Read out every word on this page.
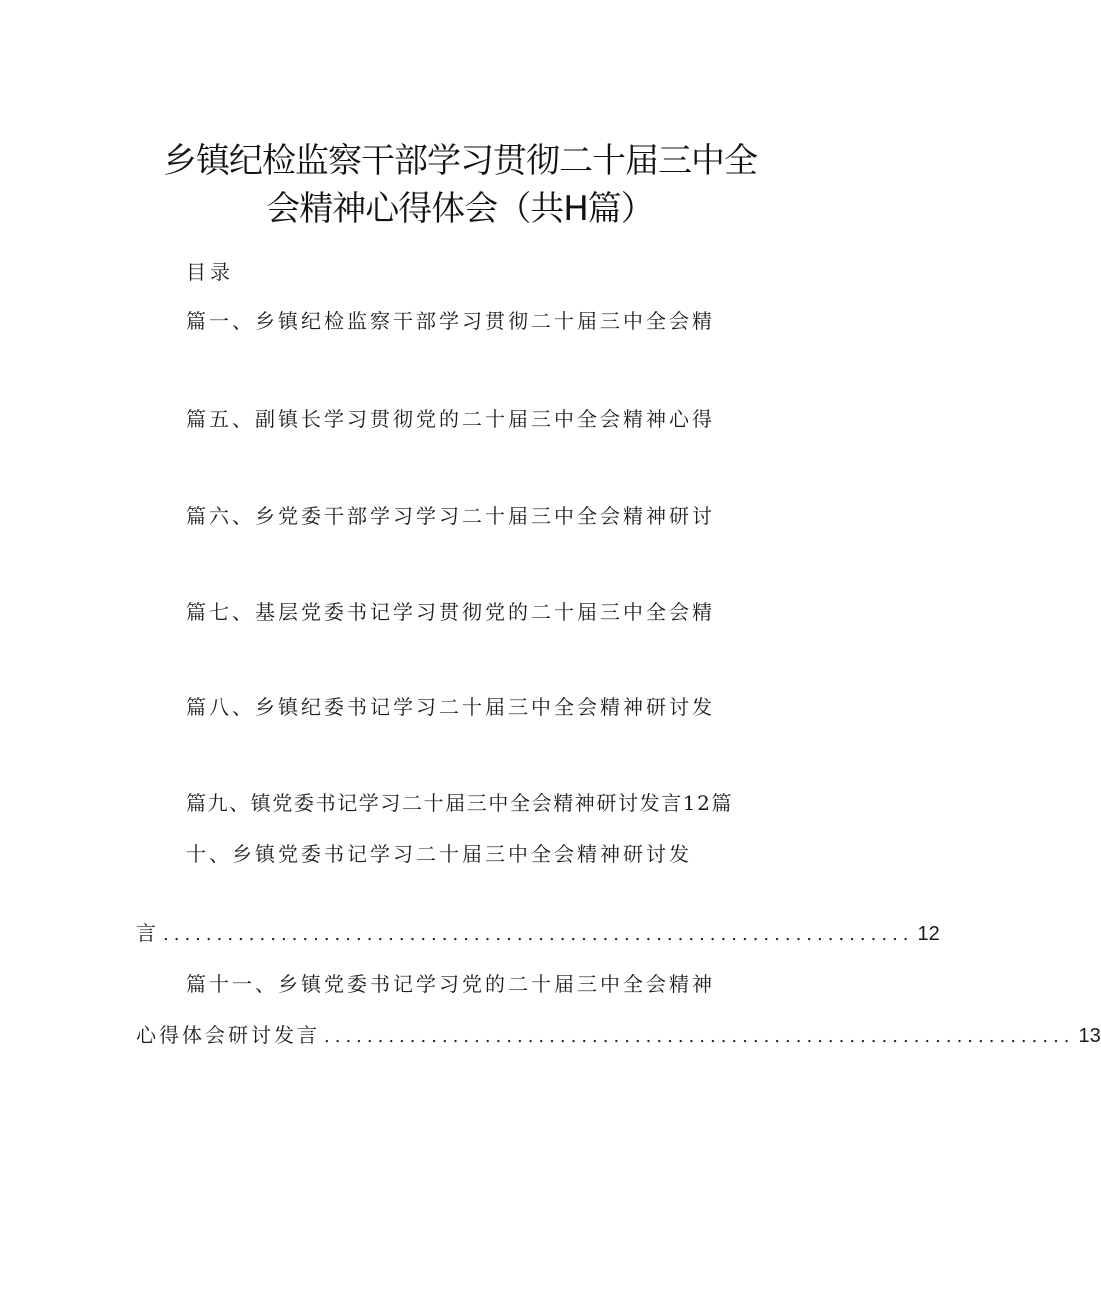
乡镇纪检监察干部学习贯彻二十届三中全
会精神心得体会（共H篇）
目录
篇一、乡镇纪检监察干部学习贯彻二十届三中全会精
篇五、副镇长学习贯彻党的二十届三中全会精神心得
篇六、乡党委干部学习学习二十届三中全会精神研讨
篇七、基层党委书记学习贯彻党的二十届三中全会精
篇八、乡镇纪委书记学习二十届三中全会精神研讨发
篇九、镇党委书记学习二十届三中全会精神研讨发言12篇
十、乡镇党委书记学习二十届三中全会精神研讨发
言 ...................................................................... 12
篇十一、乡镇党委书记学习党的二十届三中全会精神
心得体会研讨发言 ...................................................................... 13
